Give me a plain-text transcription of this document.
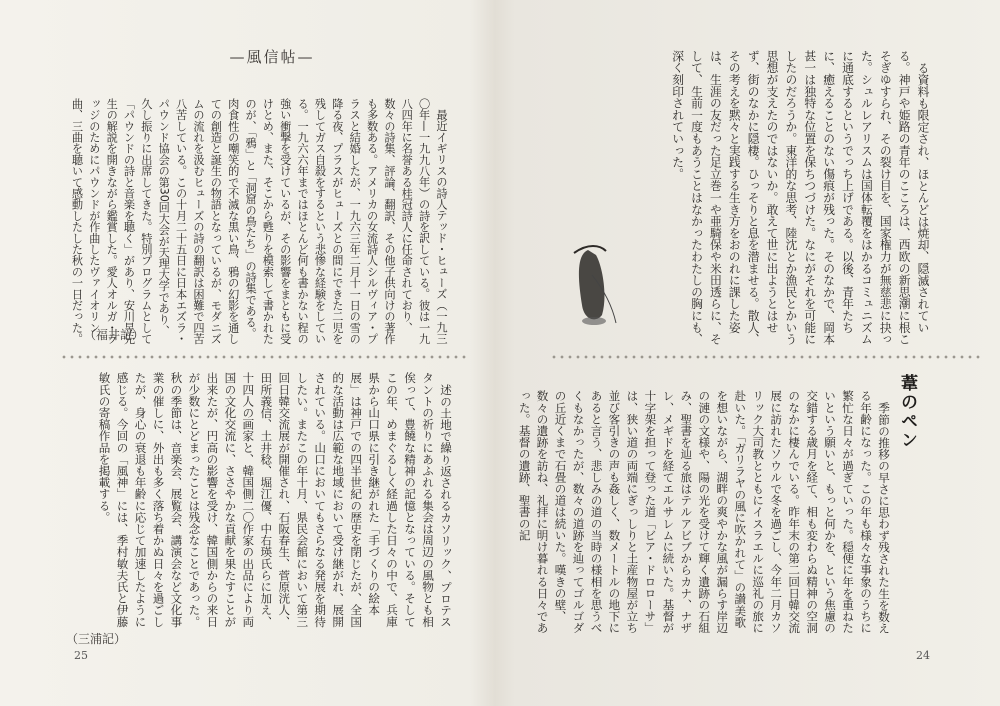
—風信帖—

最近イギリスの詩人テッド・ヒューズ（一九三〇年—一九九八年）の詩を訳している。彼は一九八四年に名誉ある桂冠詩人に任命されており、数々の詩集、評論、翻訳、その他子供向けの著作も多数ある。アメリカの女流詩人シルヴィア・プラスと結婚したが、一九六三年二月十一日の雪の降る夜、プラスがヒューズとの間にできた二児を残してガス自殺をするという悲惨な経験をしている。一九六六年まではほとんど何も書かない程の強い衝撃を受けているが、その影響をまともに受けとめ、また、そこから甦りを模索して書かれたのが、「鴉」と「洞窟の鳥たち」の詩集である。肉食性の嘲笑的で不滅な黒い鳥、鴉の幻影を通しての創造と誕生の物語となっているが、モダニズムの流れを汲むヒューズの詩の翻訳は困難で四苦八苦している。この十月二十五日に日本エズラ・パウンド協会の第30回大会が天理大学であり、久し振りに出席してきた。特別プログラムとして「パウンドの詩と音楽を聴く」があり、安川昱先生の解説を開きながら鑑賞した。愛人オルガ・ラッジのためにパウンドが作曲したヴァイオリン曲、三曲を聴いて感動したした秋の一日だった。 （福井記）

述の土地で繰り返されるカソリック、プロテスタントの祈りにあふれる集会は周辺の風物とも相俟って、豊饒な精神の記憶となっている。そしてこの年、めまぐるしく経過した日々の中で、兵庫県から山口県に引き継がれた「手づくりの絵本展」は神戸での四半世紀の歴史を閉じたが、全国的な活動は広範な地域において受け継がれ、展開されている。山口においてもさらなる発展を期待したい。またこの年十月、県民会館において第三回日韓交流展が開催され、石阪春生、菅原洸人、田所義信、土井稔、堀江優、中右瑛氏らに加え、十四人の画家と、韓国側二〇作家の出品により両国の文化交流に、ささやかな貢献を果たすことが出来たが、円高の影響を受け、韓国側からの来日が少数にとどまったことは残念なことであった。秋の季節は、音楽会、展覧会、講演会など文化事業の催しに、外出も多く落ち着かぬ日々を過ごしたが、身心の衰退も年齢に応じて加速したように感じる。今回の「風神」には、季村敏夫氏と伊藤敏氏の寄稿作品を掲載する。

（三浦記）
25

る資料も限定され、ほとんどは焼却、隠滅されている。神戸や姫路の青年のこころは、西欧の新思潮に根こそぎゆすられ、その裂け目を、国家権力が無慈悲に抉った。シュルレアリスムは国体転覆をはかるコミュニズムに通底するというでっち上げである。以後、青年たちに、癒えることのない傷痕が残った。そのなかで、岡本甚一は独特な位置を保ちつづけた。なにがそれを可能にしたのだろうか。東洋的な思考、陸沈とか漁民とかいう思想が支えたのではないか。敢えて世に出ようとはせず、街のなかに隠棲。ひっそりと息を潜ませる。散人、その考えを黙々と実践する生き方をおのれに課した姿は、生涯の友だった足立巻一や亜騎保や米田透らに、そして、生前一度もあうことはなかったわたしの胸にも、深く刻印されていった。

季節の推移の早さに思わず残された生を数える年齢になった。この年も様々な事象のうちに繁忙な日々が過ぎていった。穏便に年を重ねたいという願いと、もっと何かを、という焦慮の交錯する歳月を経て、相も変わらぬ精神の空洞のなかに棲んでいる。昨年末の第二回日韓交流展に訪れたソウルで冬を過ごし、今年二月カソリック大司教とともにイスラエルに巡礼の旅に赴いた。「ガリラヤの風に吹かれて」の讃美歌を想いながら、湖畔の爽やかな風が漏らす岸辺の漣の文様や、陽の光を受けて輝く遺跡の石組み、聖書を辿る旅はテルアビブからカナ、ナザレ、メギドを経てエルサレムに続いた。基督が十字架を担って登った道「ビア・ドロローサ」は、狭い道の両端にぎっしりと土産物屋が立ち並び客引きの声も姦しく、数メートルの地下にあると言う、悲しみの道の当時の様相を思うべくもなかったが、数々の道跡を辿ってゴルゴダの丘近くまで石畳の道は続いた。嘆きの壁、数々の遺跡を訪ね、礼拝に明け暮れる日々であった。基督の遺跡、聖書の記

24
葦のペン
